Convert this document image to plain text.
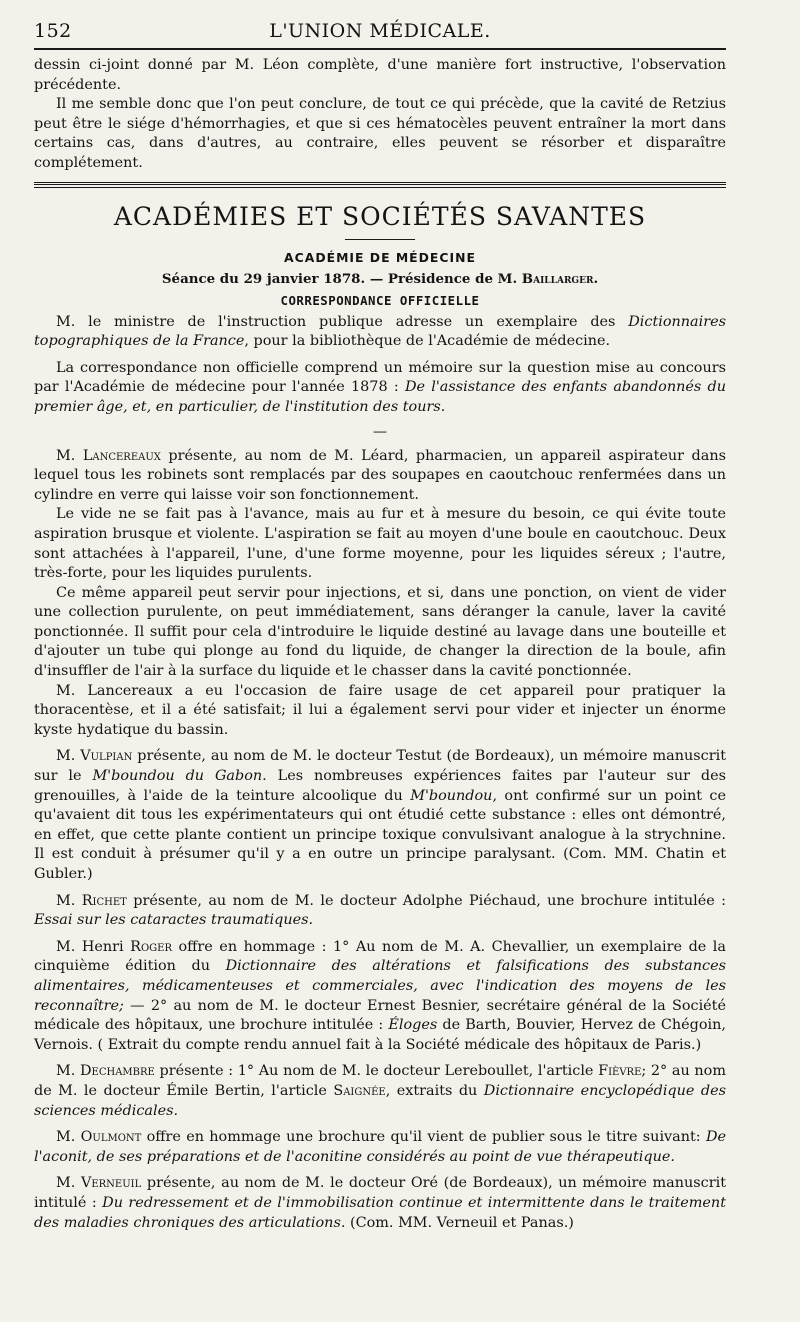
152	L'UNION MÉDICALE.

dessin ci-joint donné par M. Léon complète, d'une manière fort instructive, l'observation précédente.

Il me semble donc que l'on peut conclure, de tout ce qui précède, que la cavité de Retzius peut être le siége d'hémorrhagies, et que si ces hématocèles peuvent entraîner la mort dans certains cas, dans d'autres, au contraire, elles peuvent se résorber et disparaître complétement.

ACADÉMIES ET SOCIÉTÉS SAVANTES
ACADÉMIE DE MÉDECINE
Séance du 29 janvier 1878. — Présidence de M. Baillarger.
CORRESPONDANCE OFFICIELLE

M. le ministre de l'instruction publique adresse un exemplaire des Dictionnaires topographiques de la France, pour la bibliothèque de l'Académie de médecine.

La correspondance non officielle comprend un mémoire sur la question mise au concours par l'Académie de médecine pour l'année 1878 : De l'assistance des enfants abandonnés du premier âge, et, en particulier, de l'institution des tours.

—

M. Lancereaux présente, au nom de M. Léard, pharmacien, un appareil aspirateur dans lequel tous les robinets sont remplacés par des soupapes en caoutchouc renfermées dans un cylindre en verre qui laisse voir son fonctionnement.

Le vide ne se fait pas à l'avance, mais au fur et à mesure du besoin, ce qui évite toute aspiration brusque et violente. L'aspiration se fait au moyen d'une boule en caoutchouc. Deux sont attachées à l'appareil, l'une, d'une forme moyenne, pour les liquides séreux ; l'autre, très-forte, pour les liquides purulents.

Ce même appareil peut servir pour injections, et si, dans une ponction, on vient de vider une collection purulente, on peut immédiatement, sans déranger la canule, laver la cavité ponctionnée. Il suffit pour cela d'introduire le liquide destiné au lavage dans une bouteille et d'ajouter un tube qui plonge au fond du liquide, de changer la direction de la boule, afin d'insuffler de l'air à la surface du liquide et le chasser dans la cavité ponctionnée.

M. Lancereaux a eu l'occasion de faire usage de cet appareil pour pratiquer la thoracentèse, et il a été satisfait; il lui a également servi pour vider et injecter un énorme kyste hydatique du bassin.

M. Vulpian présente, au nom de M. le docteur Testut (de Bordeaux), un mémoire manuscrit sur le M'boundou du Gabon. Les nombreuses expériences faites par l'auteur sur des grenouilles, à l'aide de la teinture alcoolique du M'boundou, ont confirmé sur un point ce qu'avaient dit tous les expérimentateurs qui ont étudié cette substance : elles ont démontré, en effet, que cette plante contient un principe toxique convulsivant analogue à la strychnine. Il est conduit à présumer qu'il y a en outre un principe paralysant. (Com. MM. Chatin et Gubler.)

M. Richet présente, au nom de M. le docteur Adolphe Piéchaud, une brochure intitulée : Essai sur les cataractes traumatiques.

M. Henri Roger offre en hommage : 1° Au nom de M. A. Chevallier, un exemplaire de la cinquième édition du Dictionnaire des altérations et falsifications des substances alimentaires, médicamenteuses et commerciales, avec l'indication des moyens de les reconnaître; — 2° au nom de M. le docteur Ernest Besnier, secrétaire général de la Société médicale des hôpitaux, une brochure intitulée : Éloges de Barth, Bouvier, Hervez de Chégoin, Vernois. ( Extrait du compte rendu annuel fait à la Société médicale des hôpitaux de Paris.)

M. Dechambre présente : 1° Au nom de M. le docteur Lereboullet, l'article Fièvre; 2° au nom de M. le docteur Émile Bertin, l'article Saignée, extraits du Dictionnaire encyclopédique des sciences médicales.

M. Oulmont offre en hommage une brochure qu'il vient de publier sous le titre suivant: De l'aconit, de ses préparations et de l'aconitine considérés au point de vue thérapeutique.

M. Verneuil présente, au nom de M. le docteur Oré (de Bordeaux), un mémoire manuscrit intitulé : Du redressement et de l'immobilisation continue et intermittente dans le traitement des maladies chroniques des articulations. (Com. MM. Verneuil et Panas.)
